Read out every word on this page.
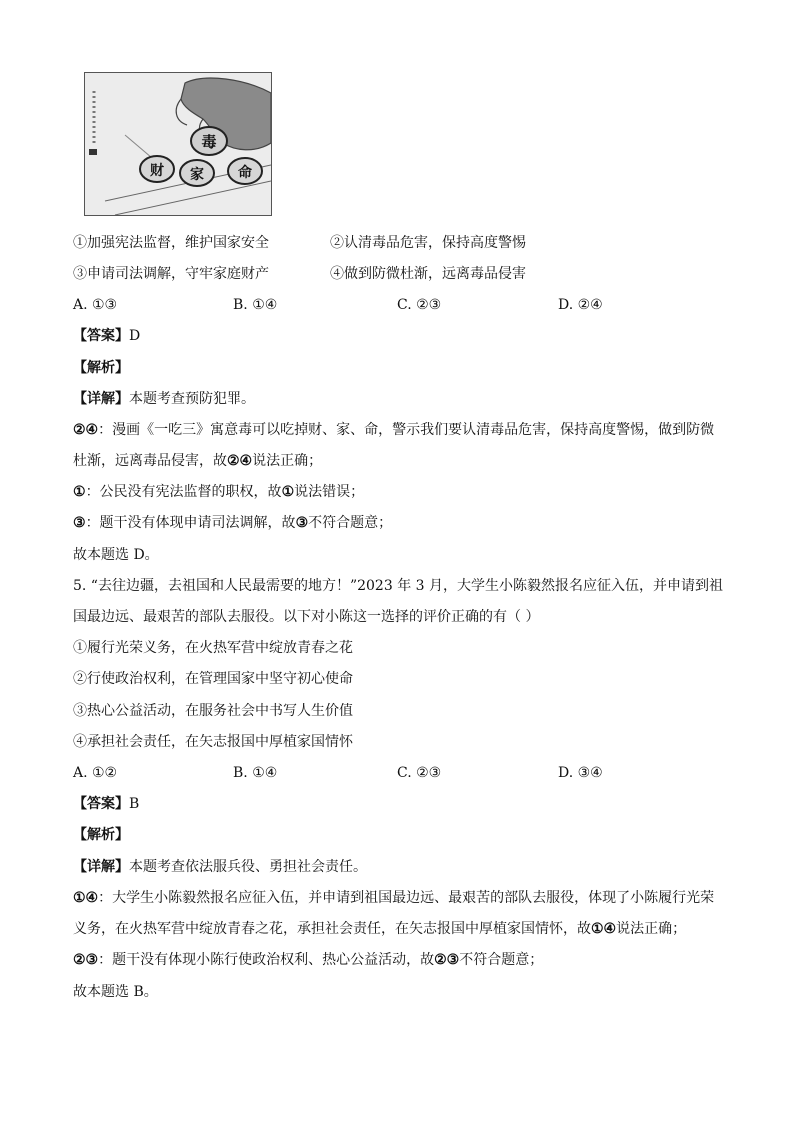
毒
财 家 命
①加强宪法监督，维护国家安全	②认清毒品危害，保持高度警惕
③申请司法调解，守牢家庭财产	④做到防微杜渐，远离毒品侵害
A. ①③	B. ①④	C. ②③	D. ②④
【答案】D
【解析】
【详解】本题考查预防犯罪。
②④：漫画《一吃三》寓意毒可以吃掉财、家、命，警示我们要认清毒品危害，保持高度警惕，做到防微
杜渐，远离毒品侵害，故②④说法正确；
①：公民没有宪法监督的职权，故①说法错误；
③：题干没有体现申请司法调解，故③不符合题意；
故本题选 D。
5. “去往边疆，去祖国和人民最需要的地方！”2023 年 3 月，大学生小陈毅然报名应征入伍，并申请到祖
国最边远、最艰苦的部队去服役。以下对小陈这一选择的评价正确的有（ ）
①履行光荣义务，在火热军营中绽放青春之花
②行使政治权利，在管理国家中坚守初心使命
③热心公益活动，在服务社会中书写人生价值
④承担社会责任，在矢志报国中厚植家国情怀
A. ①②	B. ①④	C. ②③	D. ③④
【答案】B
【解析】
【详解】本题考查依法服兵役、勇担社会责任。
①④：大学生小陈毅然报名应征入伍，并申请到祖国最边远、最艰苦的部队去服役，体现了小陈履行光荣
义务，在火热军营中绽放青春之花，承担社会责任，在矢志报国中厚植家国情怀，故①④说法正确；
②③：题干没有体现小陈行使政治权利、热心公益活动，故②③不符合题意；
故本题选 B。
